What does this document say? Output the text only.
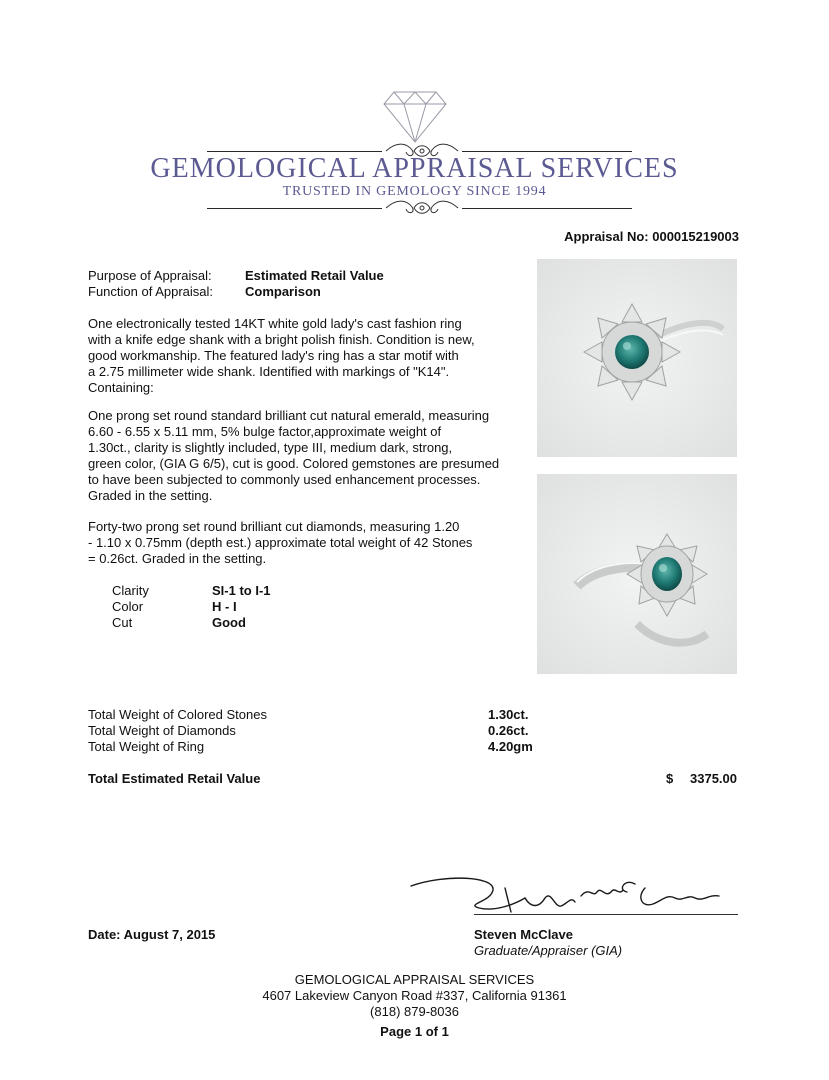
GEMOLOGICAL APPRAISAL SERVICES
TRUSTED IN GEMOLOGY SINCE 1994
Appraisal No: 000015219003
Purpose of Appraisal:	Estimated Retail Value
Function of Appraisal: Comparison
One electronically tested 14KT white gold lady's cast fashion ring
with a knife edge shank with a bright polish finish. Condition is new,
good workmanship. The featured lady's ring has a star motif with
a 2.75 millimeter wide shank. Identified with markings of "K14".
Containing:
One prong set round standard brilliant cut natural emerald, measuring
6.60 - 6.55 x 5.11 mm, 5% bulge factor,approximate weight of
1.30ct., clarity is slightly included, type III, medium dark, strong,
green color, (GIA G 6/5), cut is good. Colored gemstones are presumed
to have been subjected to commonly used enhancement processes.
Graded in the setting.
Forty-two prong set round brilliant cut diamonds, measuring 1.20
- 1.10 x 0.75mm (depth est.) approximate total weight of 42 Stones
= 0.26ct. Graded in the setting.
Clarity	SI-1 to I-1
Color	H - I
Cut	Good
Total Weight of Colored Stones	1.30ct.
Total Weight of Diamonds	0.26ct.
Total Weight of Ring	4.20gm
Total Estimated Retail Value	$ 3375.00
Date: August 7, 2015	Steven McClave
Graduate/Appraiser (GIA)
GEMOLOGICAL APPRAISAL SERVICES
4607 Lakeview Canyon Road #337, California 91361
(818) 879-8036
Page 1 of 1
